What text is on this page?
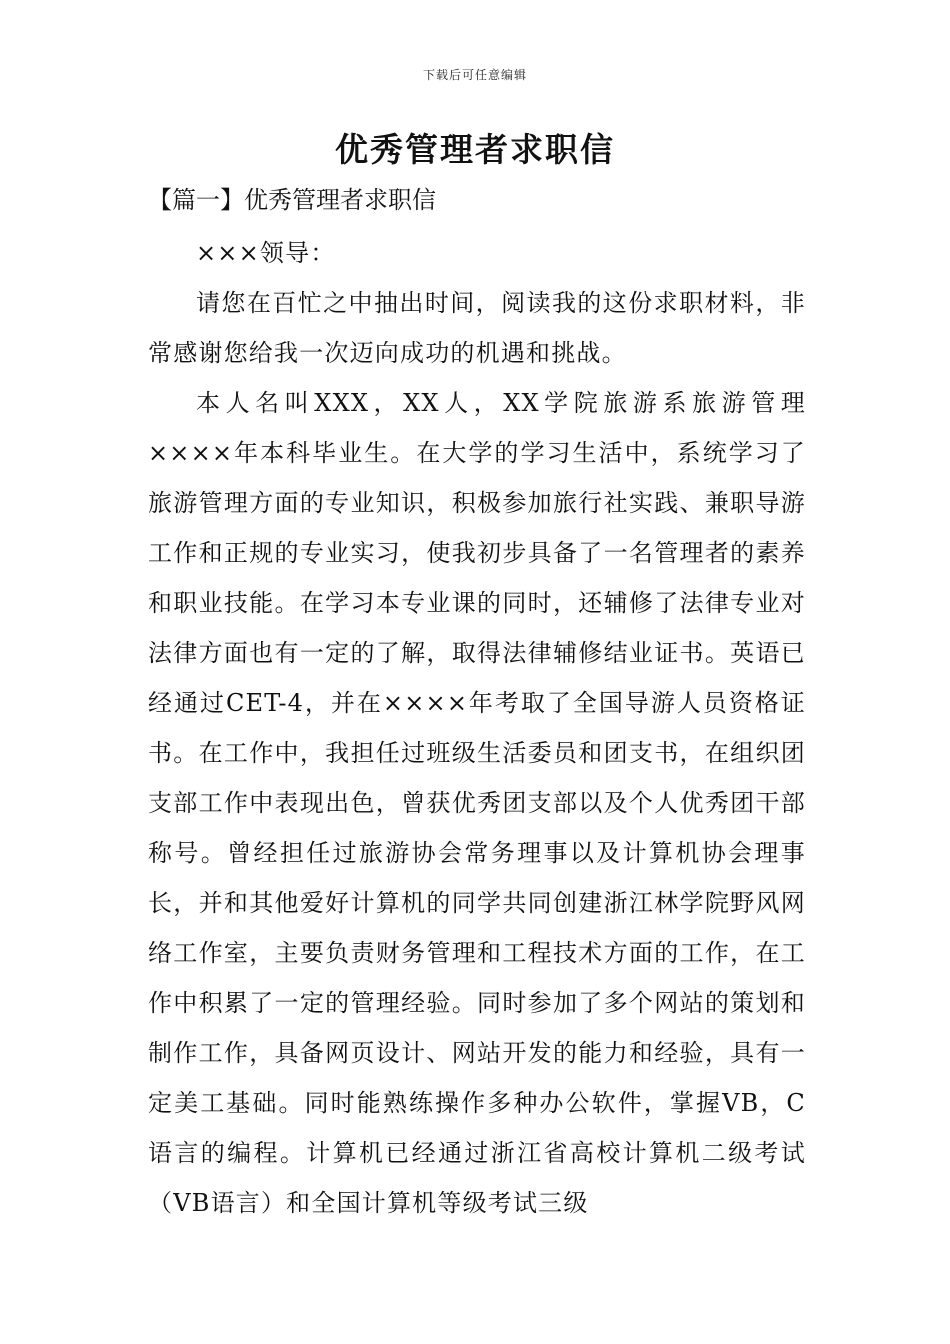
下载后可任意编辑
优秀管理者求职信
【篇一】优秀管理者求职信

×××领导：

请您在百忙之中抽出时间，阅读我的这份求职材料，非常感谢您给我一次迈向成功的机遇和挑战。

本人名叫XXX，XX人，XX学院旅游系旅游管理××××年本科毕业生。在大学的学习生活中，系统学习了旅游管理方面的专业知识，积极参加旅行社实践、兼职导游工作和正规的专业实习，使我初步具备了一名管理者的素养和职业技能。在学习本专业课的同时，还辅修了法律专业对法律方面也有一定的了解，取得法律辅修结业证书。英语已经通过CET-4，并在××××年考取了全国导游人员资格证书。在工作中，我担任过班级生活委员和团支书，在组织团支部工作中表现出色，曾获优秀团支部以及个人优秀团干部称号。曾经担任过旅游协会常务理事以及计算机协会理事长，并和其他爱好计算机的同学共同创建浙江林学院野风网络工作室，主要负责财务管理和工程技术方面的工作，在工作中积累了一定的管理经验。同时参加了多个网站的策划和制作工作，具备网页设计、网站开发的能力和经验，具有一定美工基础。同时能熟练操作多种办公软件，掌握VB，C语言的编程。计算机已经通过浙江省高校计算机二级考试（VB语言）和全国计算机等级考试三级
